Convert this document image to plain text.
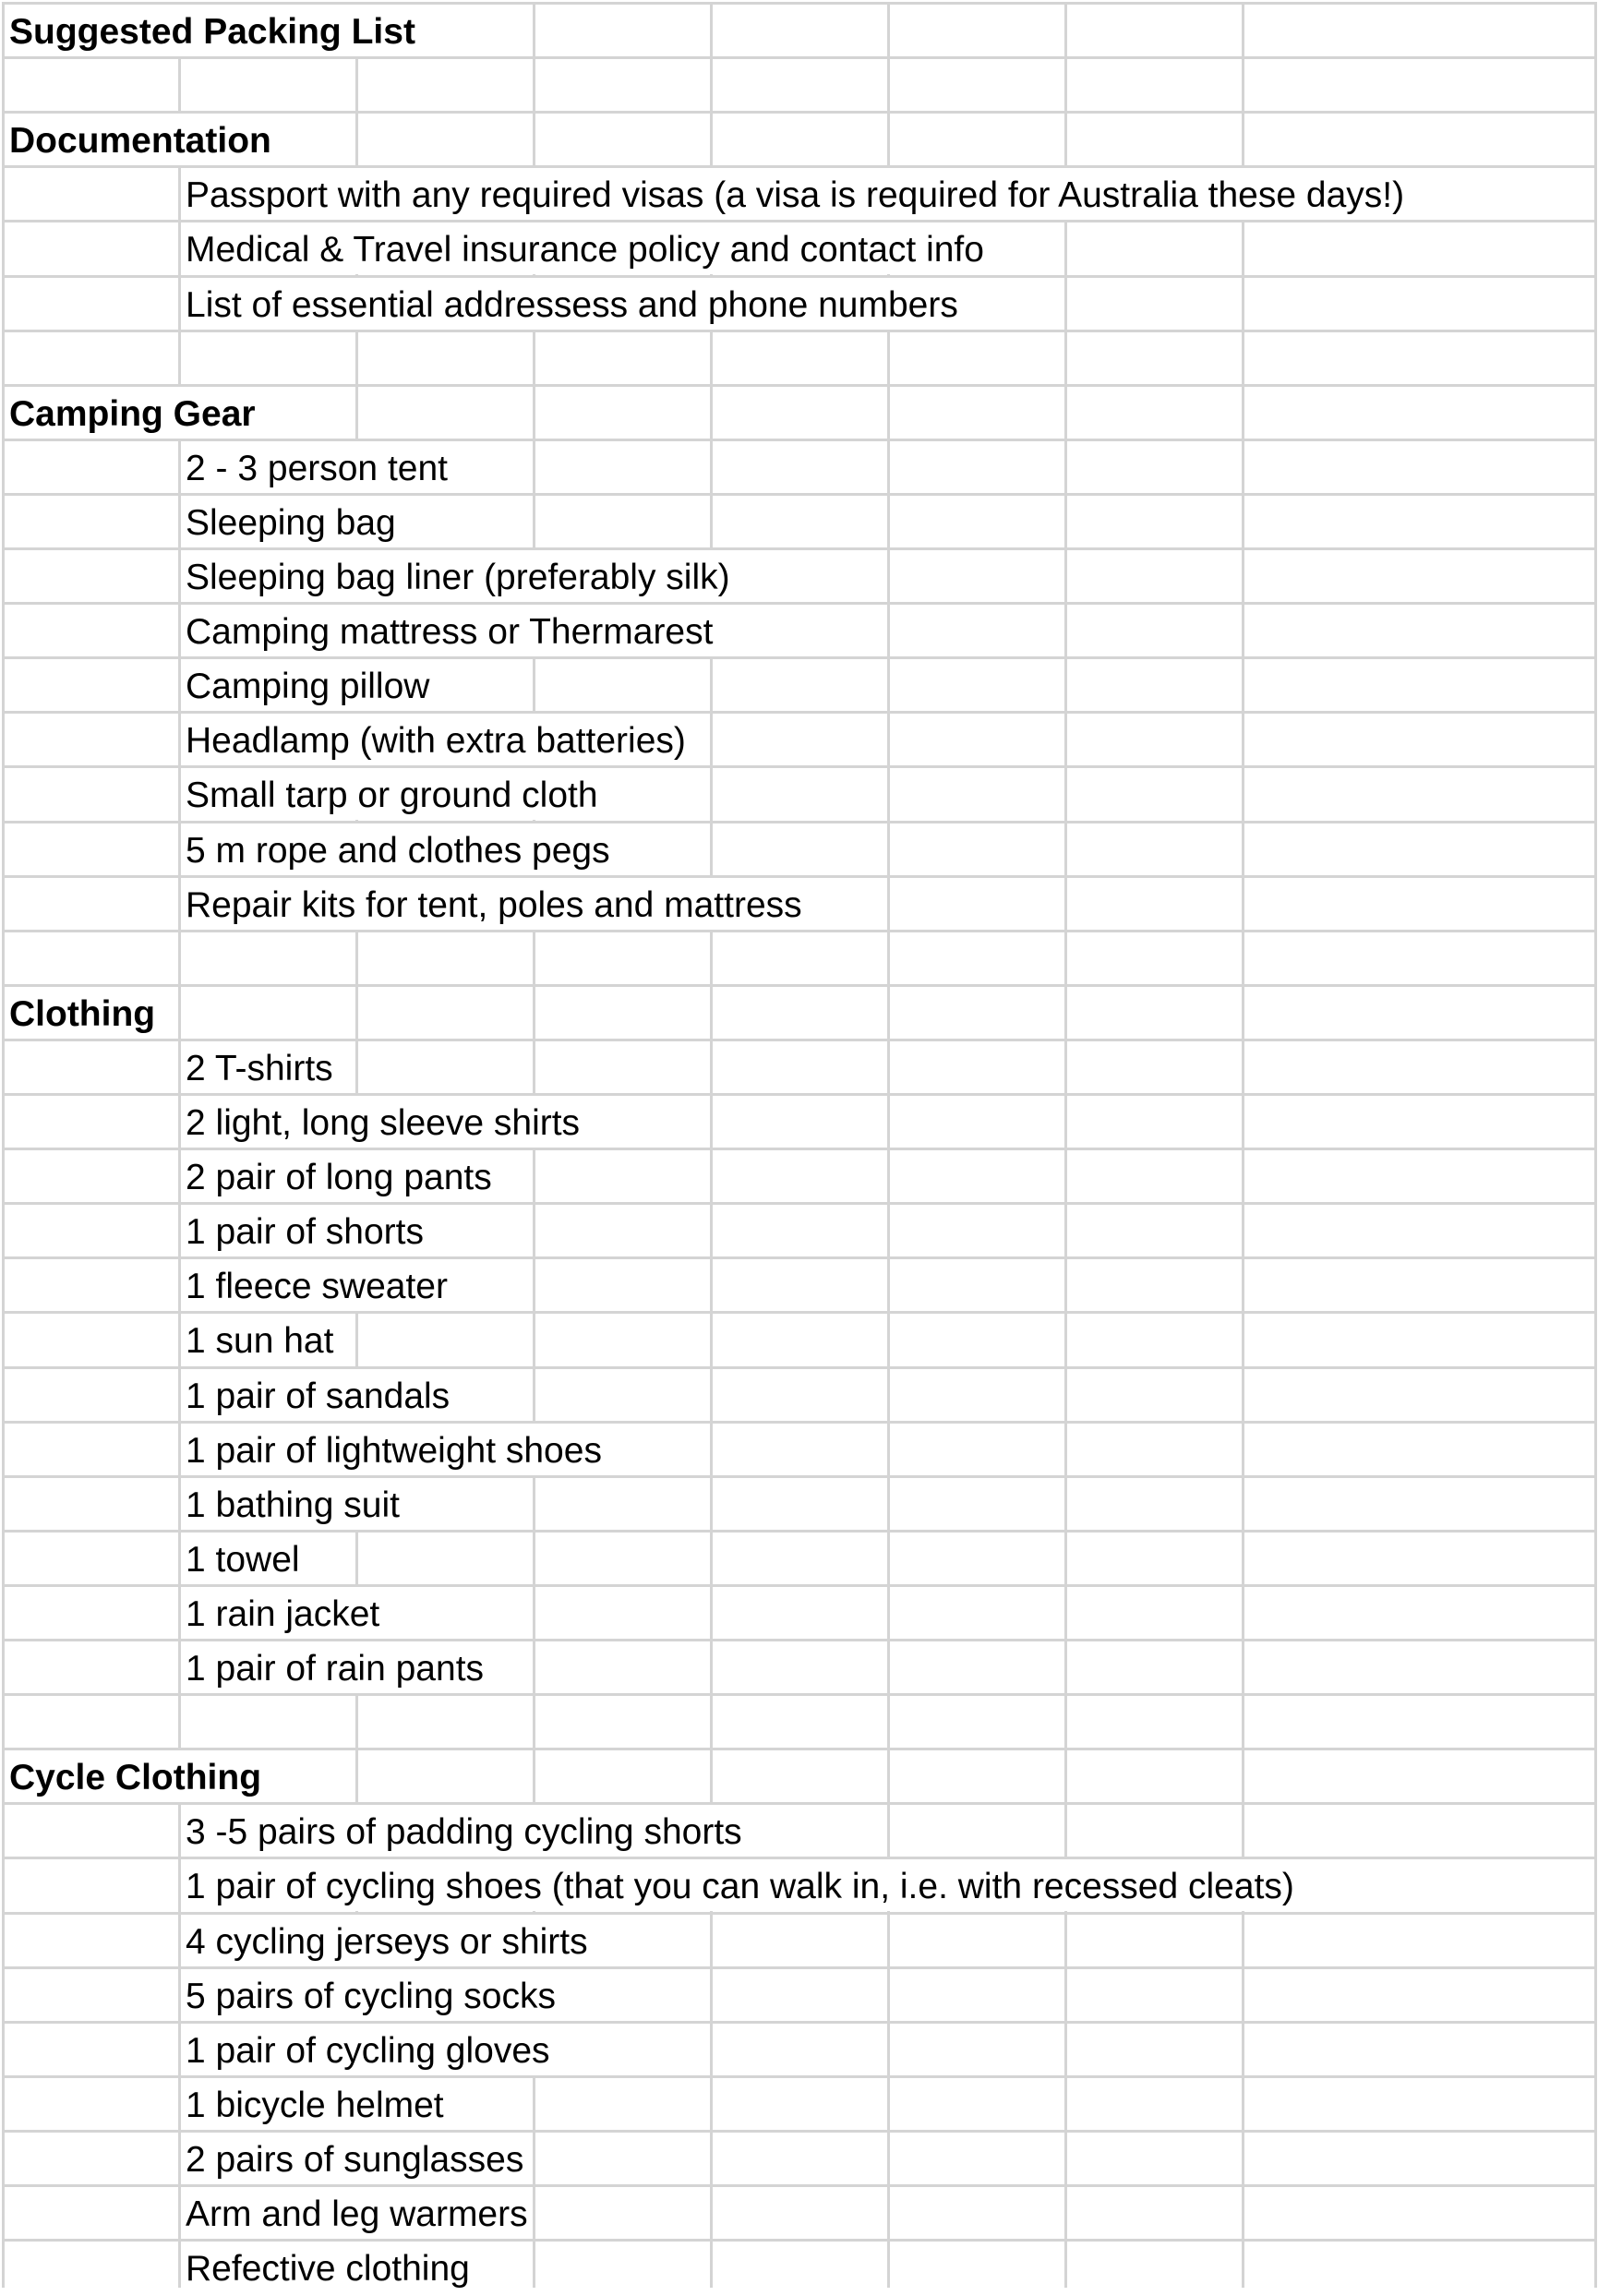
Suggested Packing List
Documentation
Passport with any required visas (a visa is required for Australia these days!)
Medical & Travel insurance policy and contact info
List of essential addressess and phone numbers
Camping Gear
2 - 3 person tent
Sleeping bag
Sleeping bag liner (preferably silk)
Camping mattress or Thermarest
Camping pillow
Headlamp (with extra batteries)
Small tarp or ground cloth
5 m rope and clothes pegs
Repair kits for tent, poles and mattress
Clothing
2 T-shirts
2 light, long sleeve shirts
2 pair of long pants
1 pair of shorts
1 fleece sweater
1 sun hat
1 pair of sandals
1 pair of lightweight shoes
1 bathing suit
1 towel
1 rain jacket
1 pair of rain pants
Cycle Clothing
3 -5 pairs of padding cycling shorts
1 pair of cycling shoes (that you can walk in, i.e. with recessed cleats)
4 cycling jerseys or shirts
5 pairs of cycling socks
1 pair of cycling gloves
1 bicycle helmet
2 pairs of sunglasses
Arm and leg warmers
Refective clothing
